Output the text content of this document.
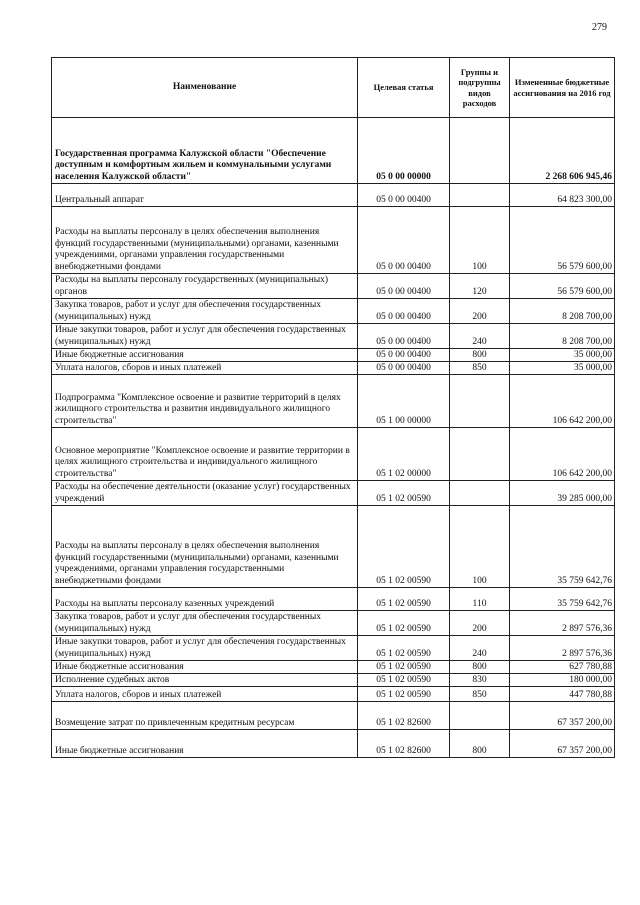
279
Наименование	Целевая статья	Группы и подгруппы видов расходов	Измененные бюджетные ассигнования на 2016 год
Государственная программа Калужской области "Обеспечение доступным и комфортным жильем и коммунальными услугами населения Калужской области"	05 0 00 00000		2 268 606 945,46
Центральный аппарат	05 0 00 00400		64 823 300,00
Расходы на выплаты персоналу в целях обеспечения выполнения функций государственными (муниципальными) органами, казенными учреждениями, органами управления государственными внебюджетными фондами	05 0 00 00400	100	56 579 600,00
Расходы на выплаты персоналу государственных (муниципальных) органов	05 0 00 00400	120	56 579 600,00
Закупка товаров, работ и услуг для обеспечения государственных (муниципальных) нужд	05 0 00 00400	200	8 208 700,00
Иные закупки товаров, работ и услуг для обеспечения государственных (муниципальных) нужд	05 0 00 00400	240	8 208 700,00
Иные бюджетные ассигнования	05 0 00 00400	800	35 000,00
Уплата налогов, сборов и иных платежей	05 0 00 00400	850	35 000,00
Подпрограмма "Комплексное освоение и развитие территорий в целях жилищного строительства и развития индивидуального жилищного строительства"	05 1 00 00000		106 642 200,00
Основное мероприятие "Комплексное освоение и развитие территории в целях жилищного строительства и индивидуального жилищного строительства"	05 1 02 00000		106 642 200,00
Расходы на обеспечение деятельности (оказание услуг) государственных учреждений	05 1 02 00590		39 285 000,00
Расходы на выплаты персоналу в целях обеспечения выполнения функций государственными (муниципальными) органами, казенными учреждениями, органами управления государственными внебюджетными фондами	05 1 02 00590	100	35 759 642,76
Расходы на выплаты персоналу казенных учреждений	05 1 02 00590	110	35 759 642,76
Закупка товаров, работ и услуг для обеспечения государственных (муниципальных) нужд	05 1 02 00590	200	2 897 576,36
Иные закупки товаров, работ и услуг для обеспечения государственных (муниципальных) нужд	05 1 02 00590	240	2 897 576,36
Иные бюджетные ассигнования	05 1 02 00590	800	627 780,88
Исполнение судебных актов	05 1 02 00590	830	180 000,00
Уплата налогов, сборов и иных платежей	05 1 02 00590	850	447 780,88
Возмещение затрат по привлеченным кредитным ресурсам	05 1 02 82600		67 357 200,00
Иные бюджетные ассигнования	05 1 02 82600	800	67 357 200,00
